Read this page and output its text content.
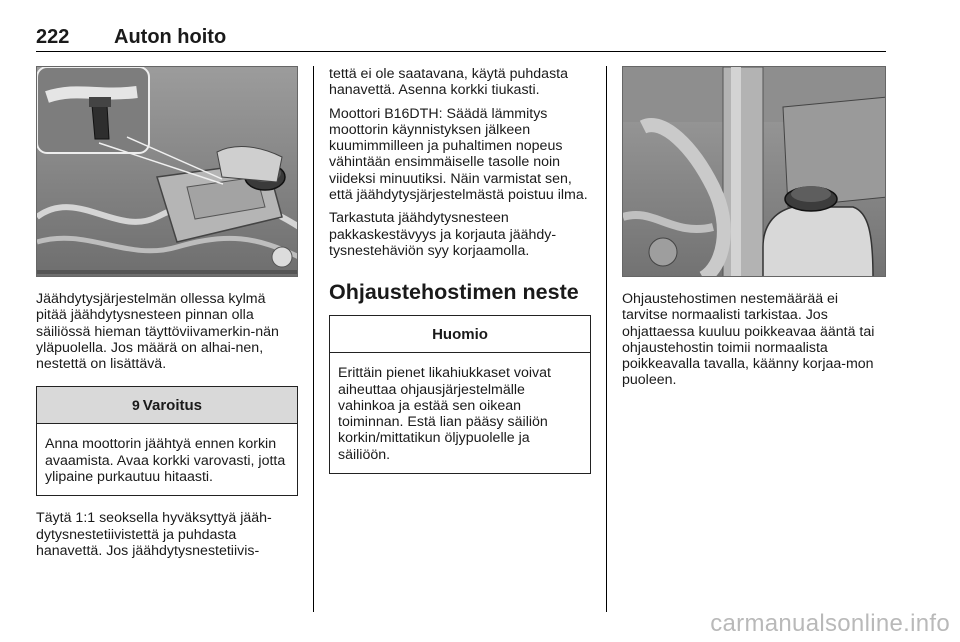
222 Auton hoito

Jäähdytysjärjestelmän ollessa kylmä pitää jäähdytysnesteen pinnan olla säiliössä hieman täyttöviivamerkin-nän yläpuolella. Jos määrä on alhai-nen, nestettä on lisättävä.

9 Varoitus

Anna moottorin jäähtyä ennen korkin avaamista. Avaa korkki varovasti, jotta ylipaine purkautuu hitaasti.

Täytä 1:1 seoksella hyväksyttyä jääh-dytysnestetiivistettä ja puhdasta hanavettä. Jos jäähdytysnestetiivis-

tettä ei ole saatavana, käytä puhdasta hanavettä. Asenna korkki tiukasti.

Moottori B16DTH: Säädä lämmitys moottorin käynnistyksen jälkeen kuumimmilleen ja puhaltimen nopeus vähintään ensimmäiselle tasolle noin viideksi minuutiksi. Näin varmistat sen, että jäähdytysjärjestelmästä poistuu ilma.

Tarkastuta jäähdytysnesteen pakkaskestävyys ja korjauta jäähdy-tysnestehäviön syy korjaamolla.

Ohjaustehostimen neste
Huomio

Erittäin pienet likahiukkaset voivat aiheuttaa ohjausjärjestelmälle vahinkoa ja estää sen oikean toiminnan. Estä lian pääsy säiliön korkin/mittatikun öljypuolelle ja säiliöön.

Ohjaustehostimen nestemäärää ei tarvitse normaalisti tarkistaa. Jos ohjattaessa kuuluu poikkeavaa ääntä tai ohjaustehostin toimii normaalista poikkeavalla tavalla, käänny korjaa-mon puoleen.

carmanualsonline.info
